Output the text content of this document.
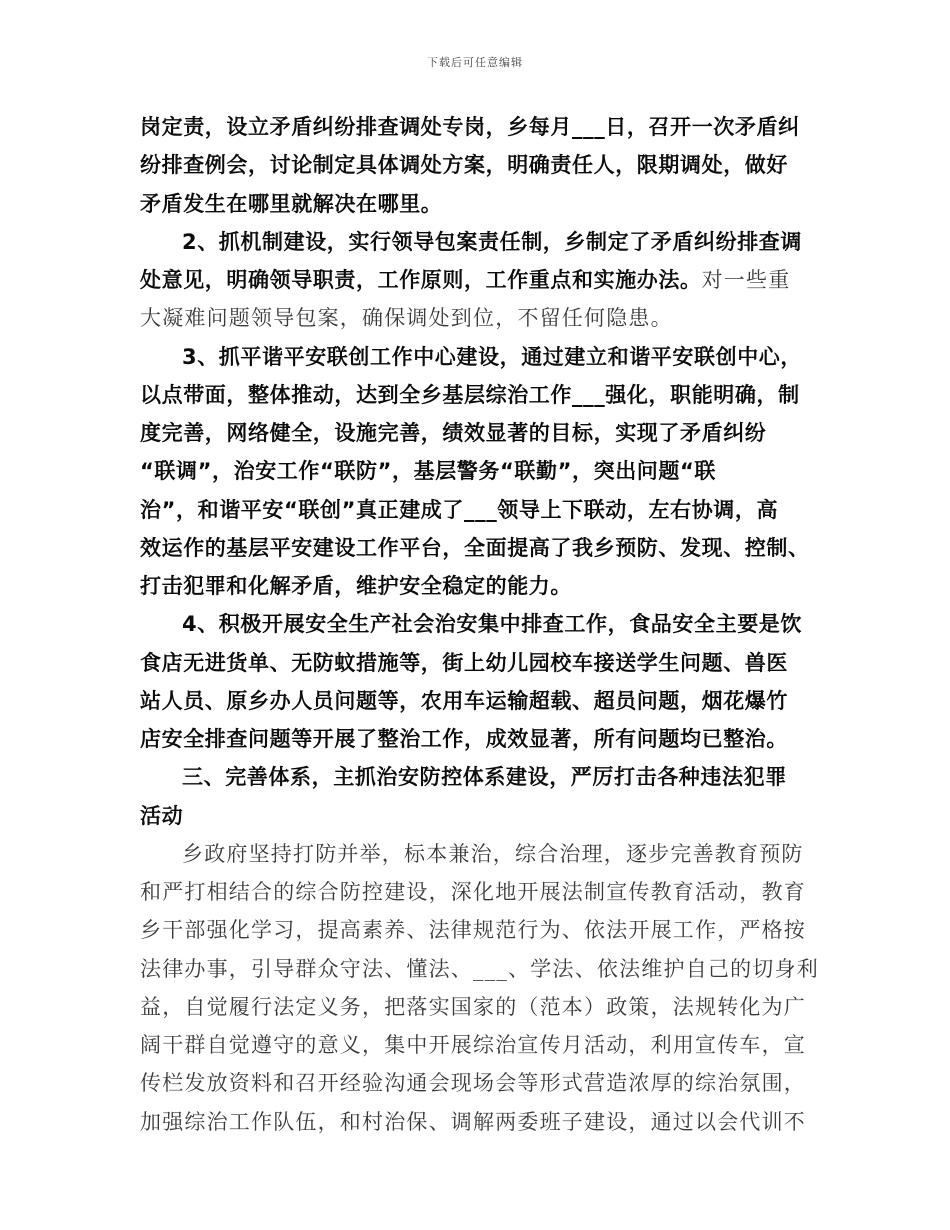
下载后可任意编辑
岗定责，设立矛盾纠纷排查调处专岗，乡每月___日，召开一次矛盾纠
纷排查例会，讨论制定具体调处方案，明确责任人，限期调处，做好
矛盾发生在哪里就解决在哪里。
2、抓机制建设，实行领导包案责任制，乡制定了矛盾纠纷排查调
处意见，明确领导职责，工作原则，工作重点和实施办法。对一些重
大凝难问题领导包案，确保调处到位，不留任何隐患。
3、抓平谐平安联创工作中心建设，通过建立和谐平安联创中心，
以点带面，整体推动，达到全乡基层综治工作___强化，职能明确，制
度完善，网络健全，设施完善，绩效显著的目标，实现了矛盾纠纷
“联调”，治安工作“联防”，基层警务“联勤”，突出问题“联
治”，和谐平安“联创”真正建成了___领导上下联动，左右协调，高
效运作的基层平安建设工作平台，全面提高了我乡预防、发现、控制、
打击犯罪和化解矛盾，维护安全稳定的能力。
4、积极开展安全生产社会治安集中排查工作，食品安全主要是饮
食店无进货单、无防蚊措施等，街上幼儿园校车接送学生问题、兽医
站人员、原乡办人员问题等，农用车运输超载、超员问题，烟花爆竹
店安全排查问题等开展了整治工作，成效显著，所有问题均已整治。
三、完善体系，主抓治安防控体系建设，严厉打击各种违法犯罪
活动
乡政府坚持打防并举，标本兼治，综合治理，逐步完善教育预防
和严打相结合的综合防控建设，深化地开展法制宣传教育活动，教育
乡干部强化学习，提高素养、法律规范行为、依法开展工作，严格按
法律办事，引导群众守法、懂法、___、学法、依法维护自己的切身利
益，自觉履行法定义务，把落实国家的（范本）政策，法规转化为广
阔干群自觉遵守的意义，集中开展综治宣传月活动，利用宣传车，宣
传栏发放资料和召开经验沟通会现场会等形式营造浓厚的综治氛围，
加强综治工作队伍，和村治保、调解两委班子建设，通过以会代训不
